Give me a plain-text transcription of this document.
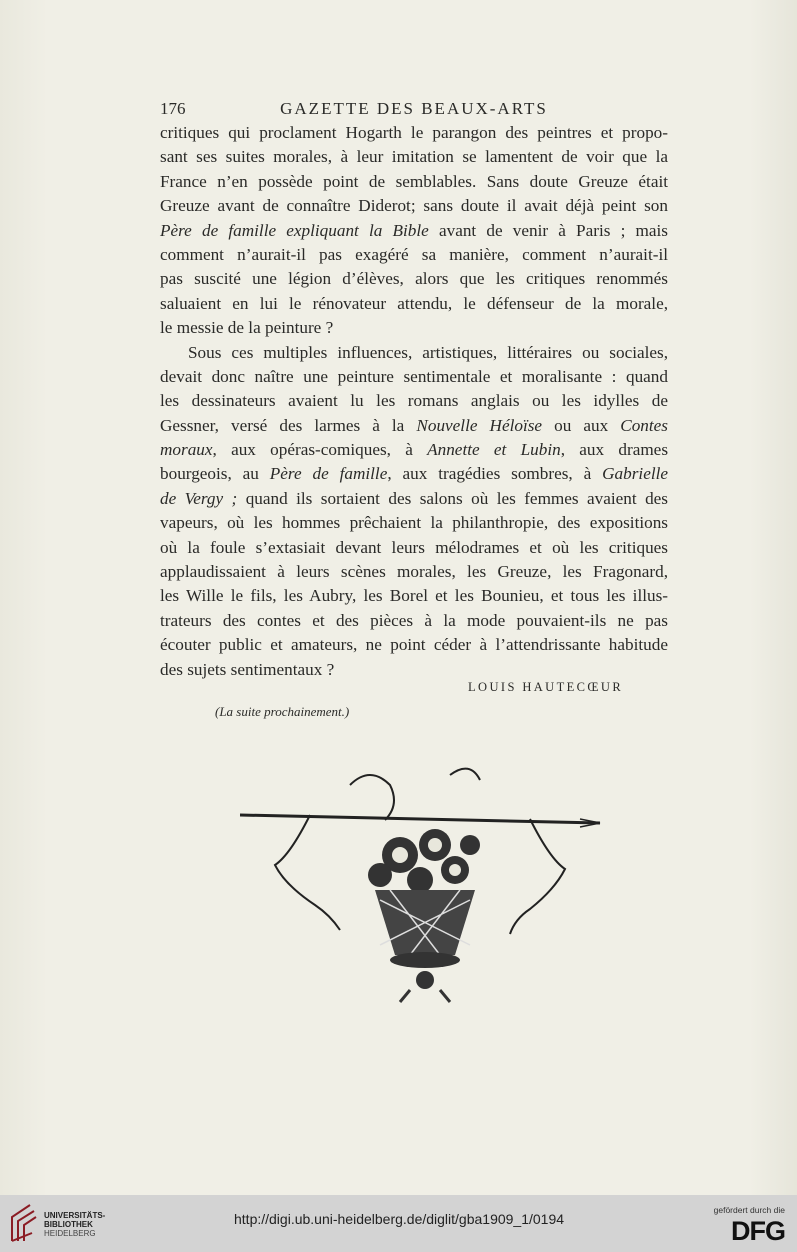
176	GAZETTE DES BEAUX-ARTS
critiques qui proclament Hogarth le parangon des peintres et propo-
sant ses suites morales, à leur imitation se lamentent de voir que la
France n’en possède point de semblables. Sans doute Greuze était
Greuze avant de connaître Diderot; sans doute il avait déjà peint son
Père de famille expliquant la Bible avant de venir à Paris ; mais
comment n’aurait-il pas exagéré sa manière, comment n’aurait-il
pas suscité une légion d’élèves, alors que les critiques renommés
saluaient en lui le rénovateur attendu, le défenseur de la morale,
le messie de la peinture ?
Sous ces multiples influences, artistiques, littéraires ou sociales,
devait donc naître une peinture sentimentale et moralisante : quand
les dessinateurs avaient lu les romans anglais ou les idylles de
Gessner, versé des larmes à la Nouvelle Héloïse ou aux Contes
moraux, aux opéras-comiques, à Annette et Lubin, aux drames
bourgeois, au Père de famille, aux tragédies sombres, à Gabrielle
de Vergy ; quand ils sortaient des salons où les femmes avaient des
vapeurs, où les hommes prêchaient la philanthropie, des expositions
où la foule s’extasiait devant leurs mélodrames et où les critiques
applaudissaient à leurs scènes morales, les Greuze, les Fragonard,
les Wille le fils, les Aubry, les Borel et les Bounieu, et tous les illus-
trateurs des contes et des pièces à la mode pouvaient-ils ne pas
écouter public et amateurs, ne point céder à l’attendrissante habitude
des sujets sentimentaux ?
LOUIS HAUTECŒUR
(La suite prochainement.)
UNIVERSITÄTS-
BIBLIOTHEK
HEIDELBERG
http://digi.ub.uni-heidelberg.de/diglit/gba1909_1/0194
gefördert durch die
DFG
